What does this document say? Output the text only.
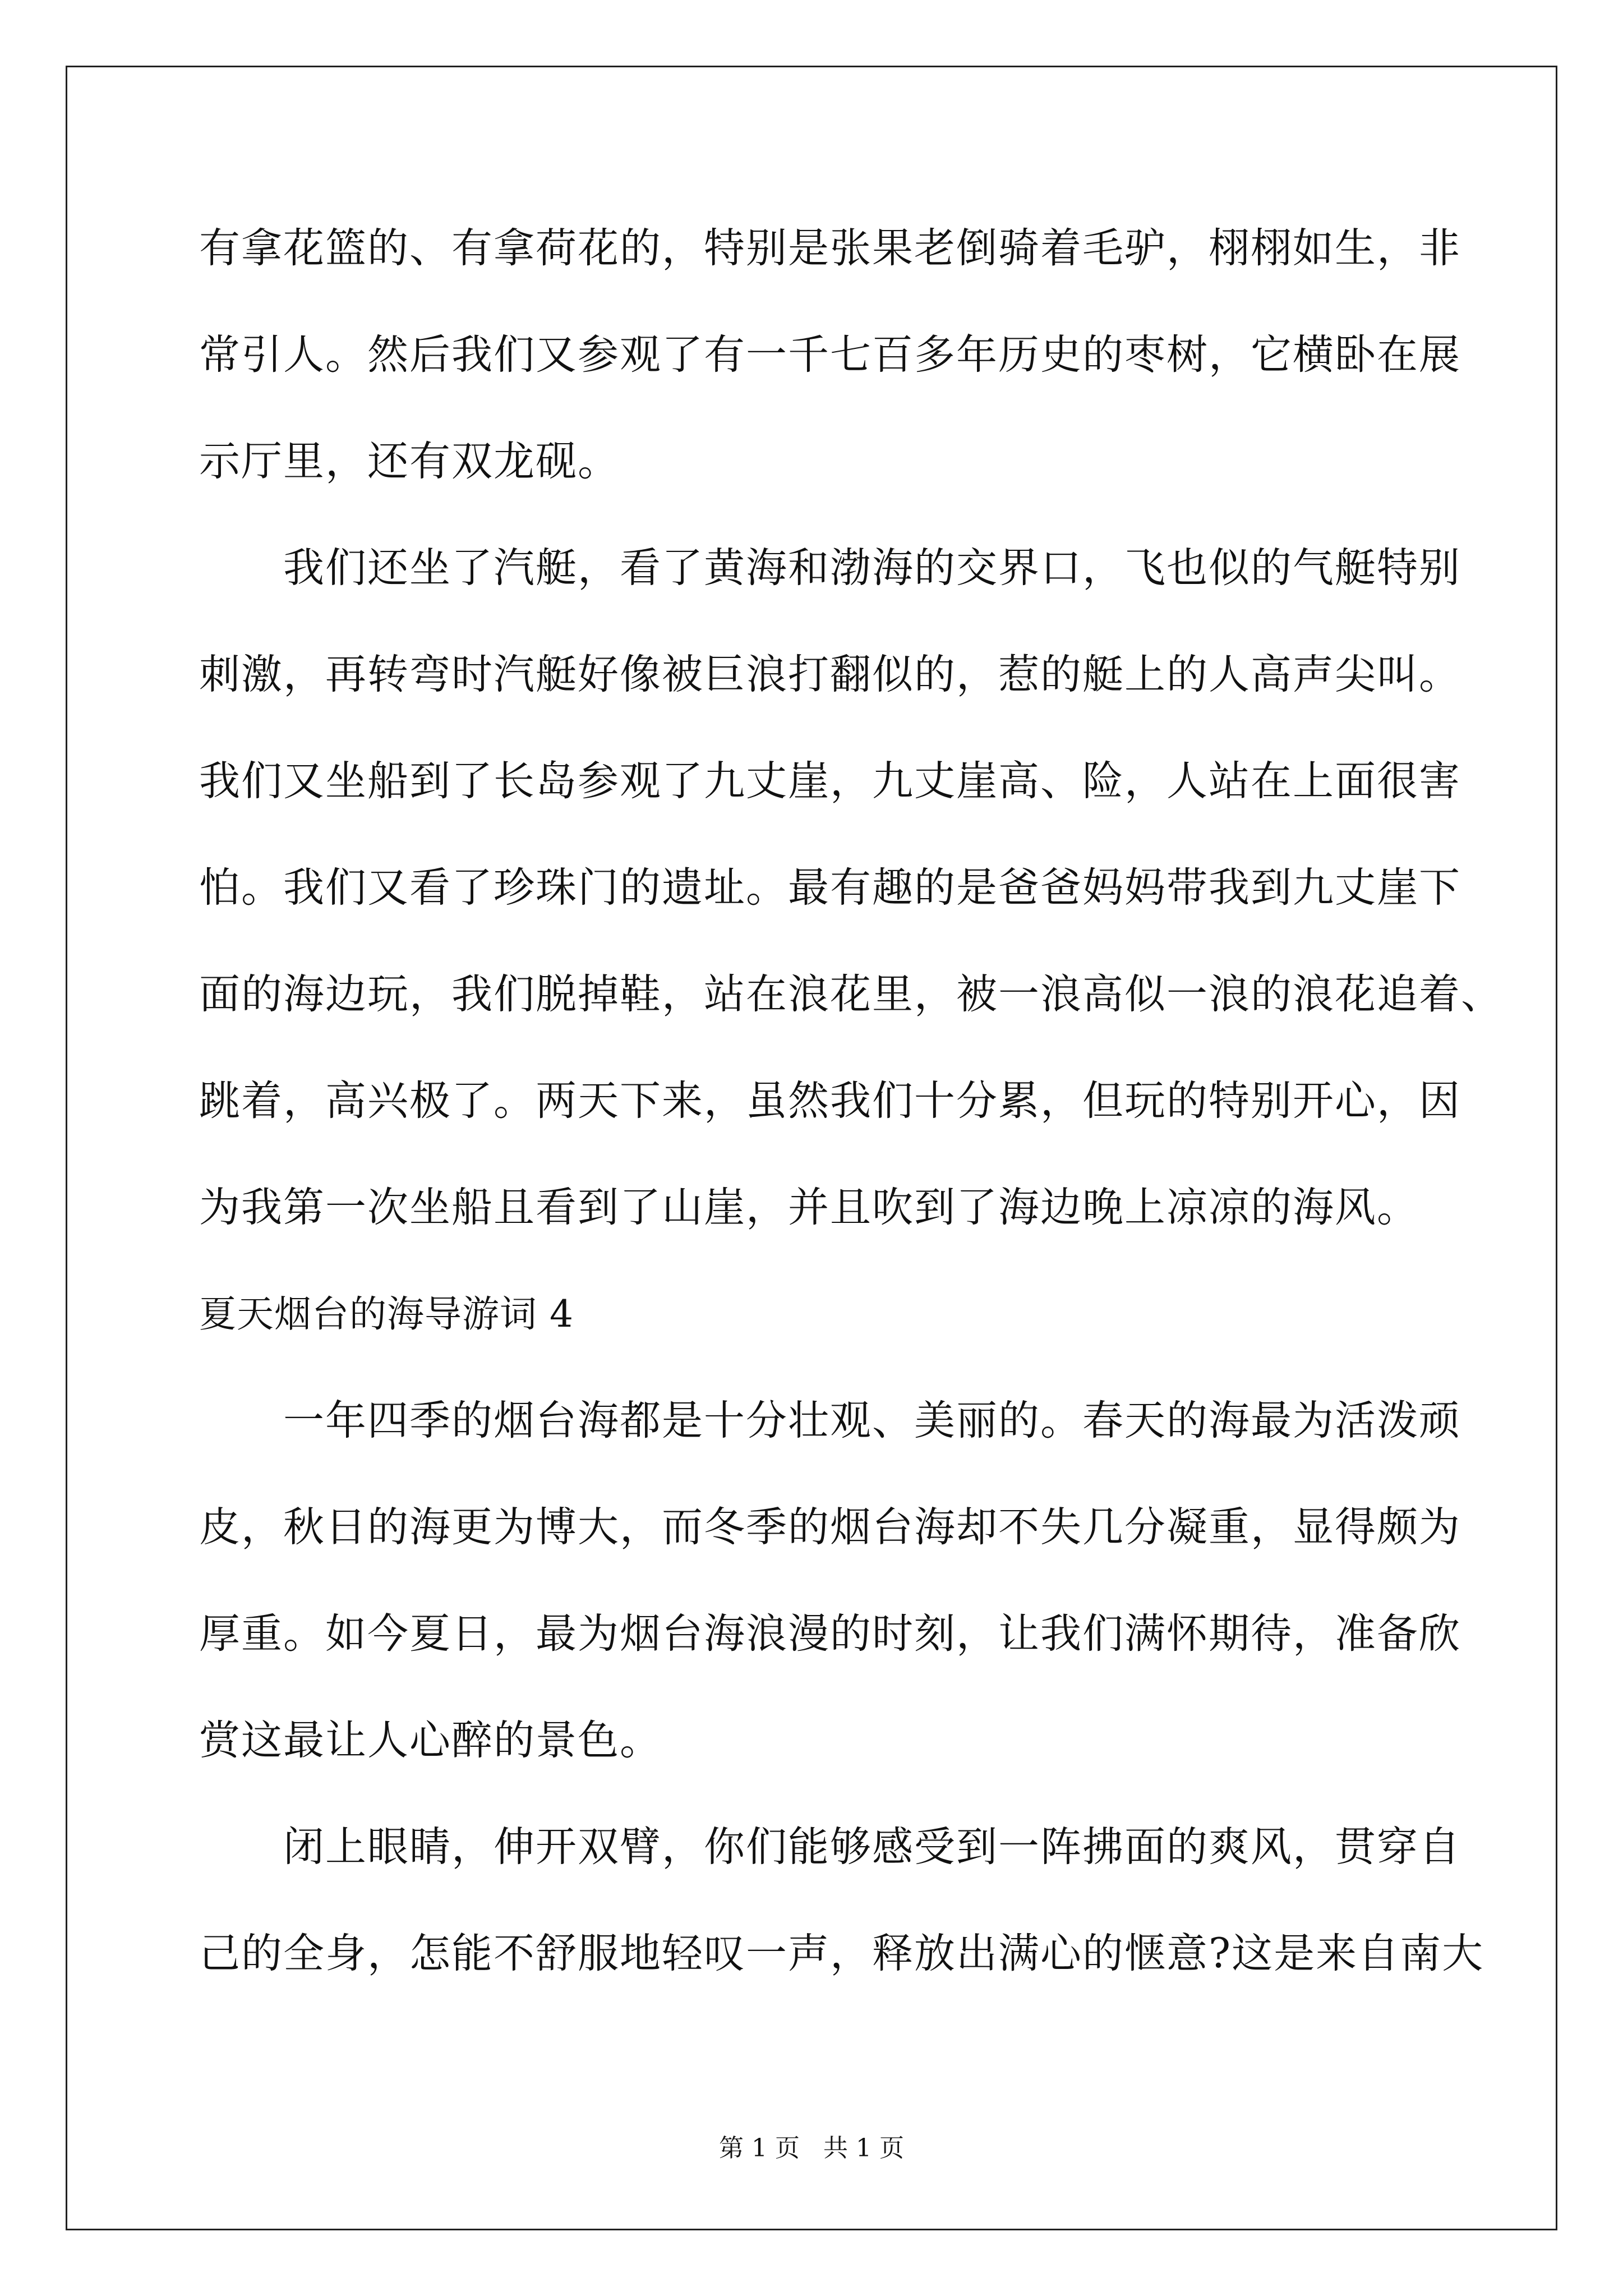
有拿花篮的、有拿荷花的，特别是张果老倒骑着毛驴，栩栩如生，非
常引人。然后我们又参观了有一千七百多年历史的枣树，它横卧在展
示厅里，还有双龙砚。
我们还坐了汽艇，看了黄海和渤海的交界口，飞也似的气艇特别
刺激，再转弯时汽艇好像被巨浪打翻似的，惹的艇上的人高声尖叫。
我们又坐船到了长岛参观了九丈崖，九丈崖高、险，人站在上面很害
怕。我们又看了珍珠门的遗址。最有趣的是爸爸妈妈带我到九丈崖下
面的海边玩，我们脱掉鞋，站在浪花里，被一浪高似一浪的浪花追着、
跳着，高兴极了。两天下来，虽然我们十分累，但玩的特别开心，因
为我第一次坐船且看到了山崖，并且吹到了海边晚上凉凉的海风。
夏天烟台的海导游词 4
一年四季的烟台海都是十分壮观、美丽的。春天的海最为活泼顽
皮，秋日的海更为博大，而冬季的烟台海却不失几分凝重，显得颇为
厚重。如今夏日，最为烟台海浪漫的时刻，让我们满怀期待，准备欣
赏这最让人心醉的景色。
闭上眼睛，伸开双臂，你们能够感受到一阵拂面的爽风，贯穿自
己的全身，怎能不舒服地轻叹一声，释放出满心的惬意?这是来自南大
第 1 页   共 1 页
